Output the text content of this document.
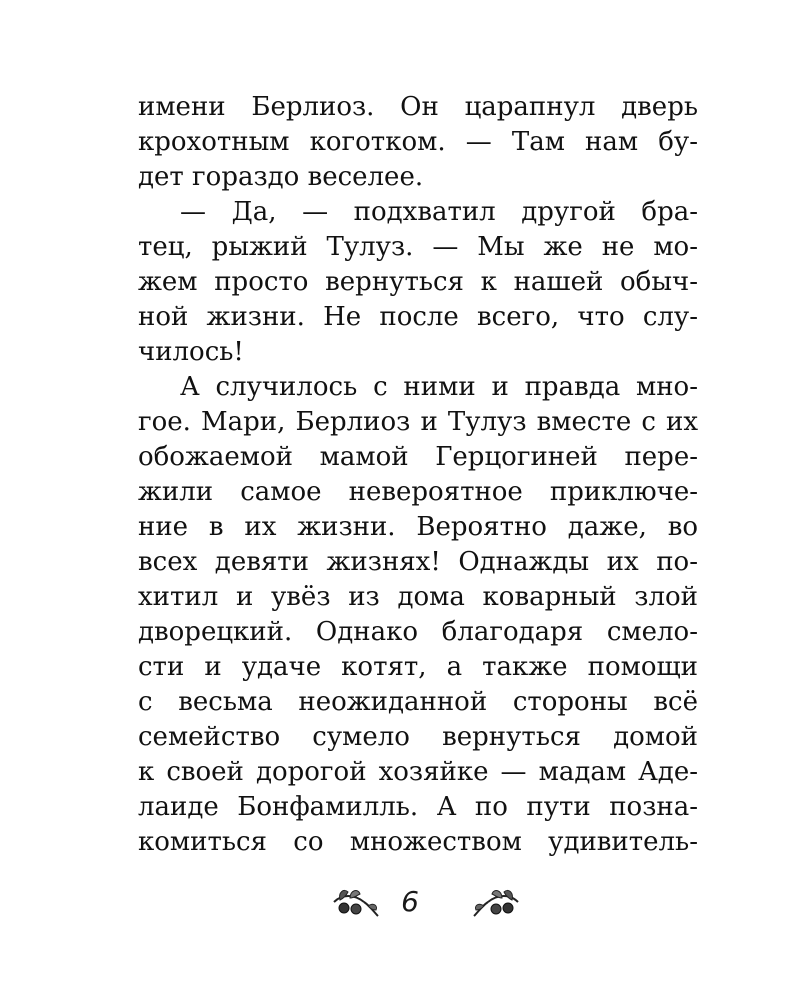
имени Берлиоз. Он царапнул дверь
крохотным коготком. — Там нам бу-
дет гораздо веселее.
— Да, — подхватил другой бра-
тец, рыжий Тулуз. — Мы же не мо-
жем просто вернуться к нашей обыч-
ной жизни. Не после всего, что слу-
чилось!
А случилось с ними и правда мно-
гое. Мари, Берлиоз и Тулуз вместе с их
обожаемой мамой Герцогиней пере-
жили самое невероятное приключе-
ние в их жизни. Вероятно даже, во
всех девяти жизнях! Однажды их по-
хитил и увёз из дома коварный злой
дворецкий. Однако благодаря смело-
сти и удаче котят, а также помощи
с весьма неожиданной стороны всё
семейство сумело вернуться домой
к своей дорогой хозяйке — мадам Аде-
лаиде Бонфамилль. А по пути позна-
комиться со множеством удивитель-
6
